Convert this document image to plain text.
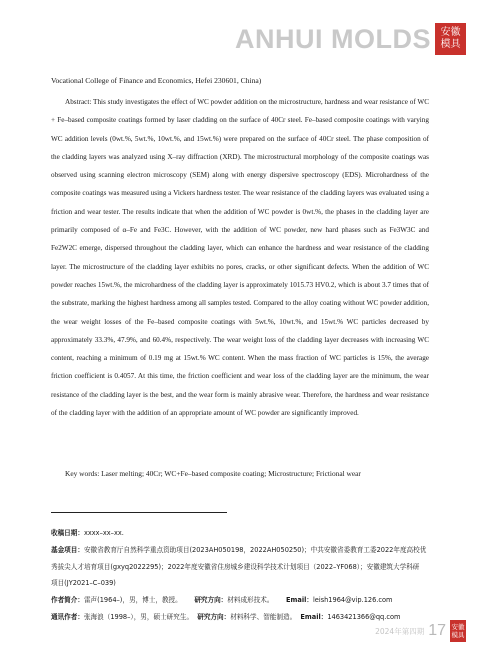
ANHUI MOLDS 安徽
模具
Vocational College of Finance and Economics, Hefei 230601, China)

Abstract: This study investigates the effect of WC powder addition on the microstructure, hardness and wear resistance of WC + Fe–based composite coatings formed by laser cladding on the surface of 40Cr steel. Fe–based composite coatings with varying WC addition levels (0wt.%, 5wt.%, 10wt.%, and 15wt.%) were prepared on the surface of 40Cr steel. The phase composition of the cladding layers was analyzed using X–ray diffraction (XRD). The microstructural morphology of the composite coatings was observed using scanning electron microscopy (SEM) along with energy dispersive spectroscopy (EDS). Microhardness of the composite coatings was measured using a Vickers hardness tester. The wear resistance of the cladding layers was evaluated using a friction and wear tester. The results indicate that when the addition of WC powder is 0wt.%, the phases in the cladding layer are primarily composed of α–Fe and Fe3C. However, with the addition of WC powder, new hard phases such as Fe3W3C and Fe2W2C emerge, dispersed throughout the cladding layer, which can enhance the hardness and wear resistance of the cladding layer. The microstructure of the cladding layer exhibits no pores, cracks, or other significant defects. When the addition of WC powder reaches 15wt.%, the microhardness of the cladding layer is approximately 1015.73 HV0.2, which is about 3.7 times that of the substrate, marking the highest hardness among all samples tested. Compared to the alloy coating without WC powder addition, the wear weight losses of the Fe–based composite coatings with 5wt.%, 10wt.%, and 15wt.% WC particles decreased by approximately 33.3%, 47.9%, and 60.4%, respectively. The wear weight loss of the cladding layer decreases with increasing WC content, reaching a minimum of 0.19 mg at 15wt.% WC content. When the mass fraction of WC particles is 15%, the average friction coefficient is 0.4057. At this time, the friction coefficient and wear loss of the cladding layer are the minimum, the wear resistance of the cladding layer is the best, and the wear form is mainly abrasive wear. Therefore, the hardness and wear resistance of the cladding layer with the addition of an appropriate amount of WC powder are significantly improved.

Key words: Laser melting; 40Cr; WC+Fe–based composite coating; Microstructure; Frictional wear

收稿日期：xxxx–xx–xx.

基金项目：安徽省教育厅自然科学重点资助项目(2023AH050198，2022AH050250)；中共安徽省委教育工委2022年度高校优

秀拔尖人才培育项目(gxyq2022295)；2022年度安徽省住房城乡建设科学技术计划项目（2022–YF068）；安徽建筑大学科研

项目(JY2021–C–039)

作者简介：雷声(1964–)，男，博士，教授。 研究方向：材料成形技术。 Email：leish1964@vip.126.com

通讯作者：张海浪（1998–），男，硕士研究生。 研究方向：材料科学、智能制造。 Email：1463421366@qq.com

2024年第四期 17 安徽
模具
